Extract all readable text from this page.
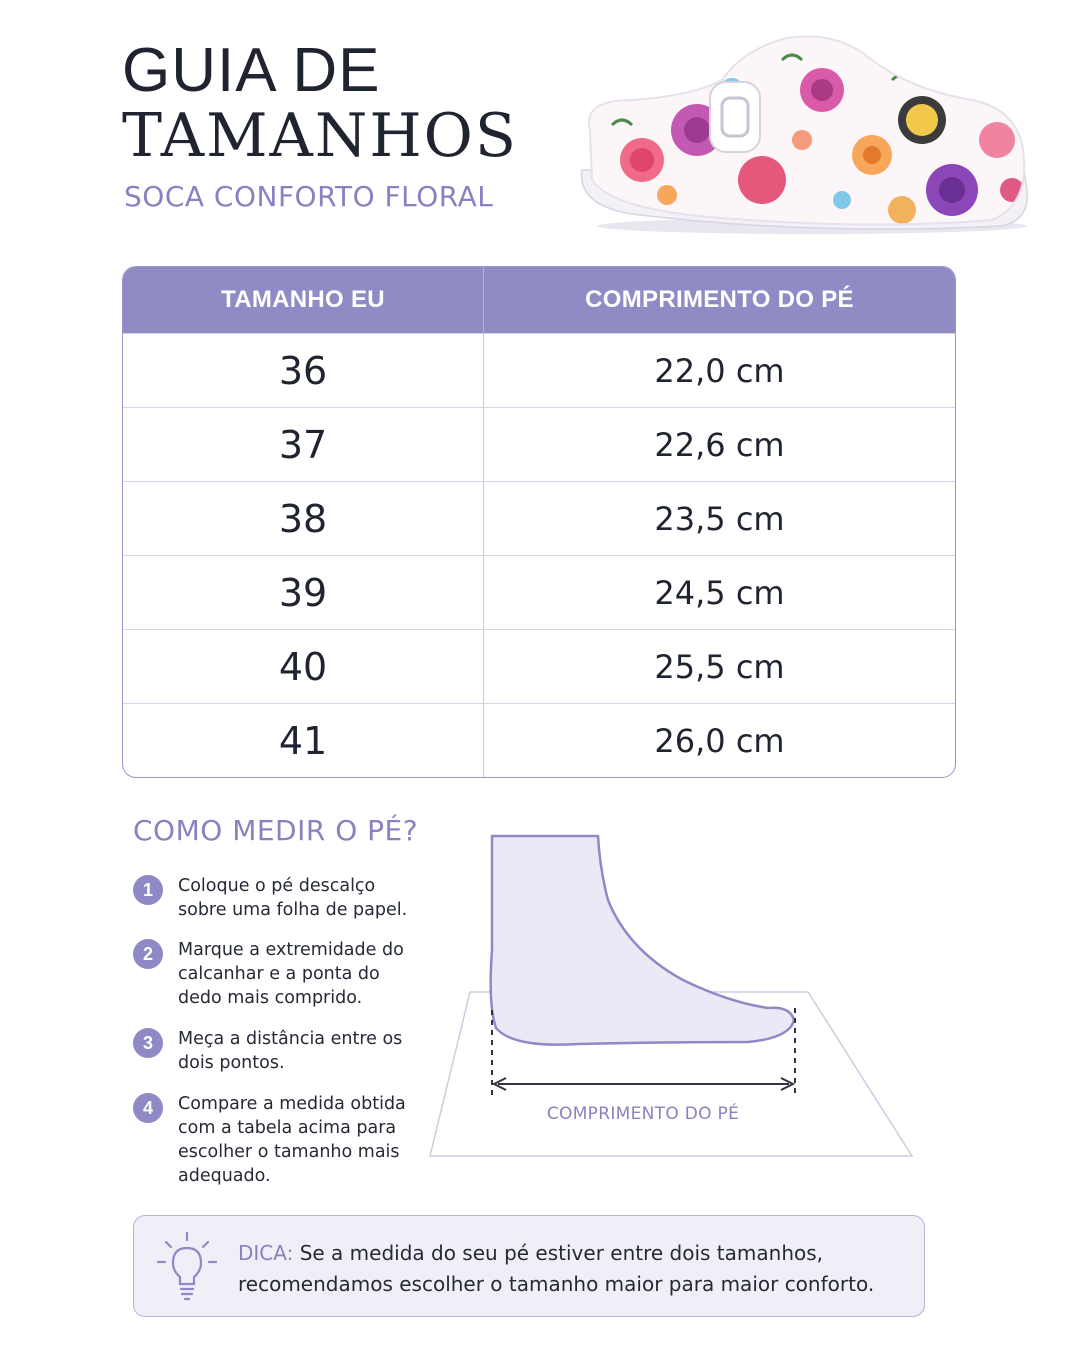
GUIA DE
TAMANHOS
SOCA CONFORTO FLORAL
TAMANHO EU	COMPRIMENTO DO PÉ
36	22,0 cm
37	22,6 cm
38	23,5 cm
39	24,5 cm
40	25,5 cm
41	26,0 cm
COMO MEDIR O PÉ?
1	Coloque o pé descalço sobre uma folha de papel.
2	Marque a extremidade do calcanhar e a ponta do dedo mais comprido.
3	Meça a distância entre os dois pontos.
4	Compare a medida obtida com a tabela acima para escolher o tamanho mais adequado.
COMPRIMENTO DO PÉ
DICA: Se a medida do seu pé estiver entre dois tamanhos, recomendamos escolher o tamanho maior para maior conforto.
